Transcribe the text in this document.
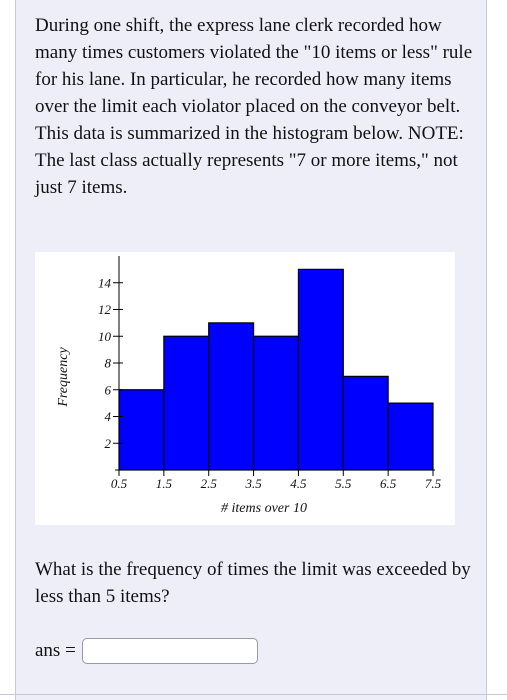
During one shift, the express lane clerk recorded how many times customers violated the "10 items or less" rule for his lane. In particular, he recorded how many items over the limit each violator placed on the conveyor belt. This data is summarized in the histogram below. NOTE: The last class actually represents "7 or more items," not just 7 items.

0.5 1.5 2.5 3.5 4.5 5.5 6.5 7.5
2
4
6
8
10
12
14
# items over 10
Frequency

What is the frequency of times the limit was exceeded by less than 5 items?

ans =
